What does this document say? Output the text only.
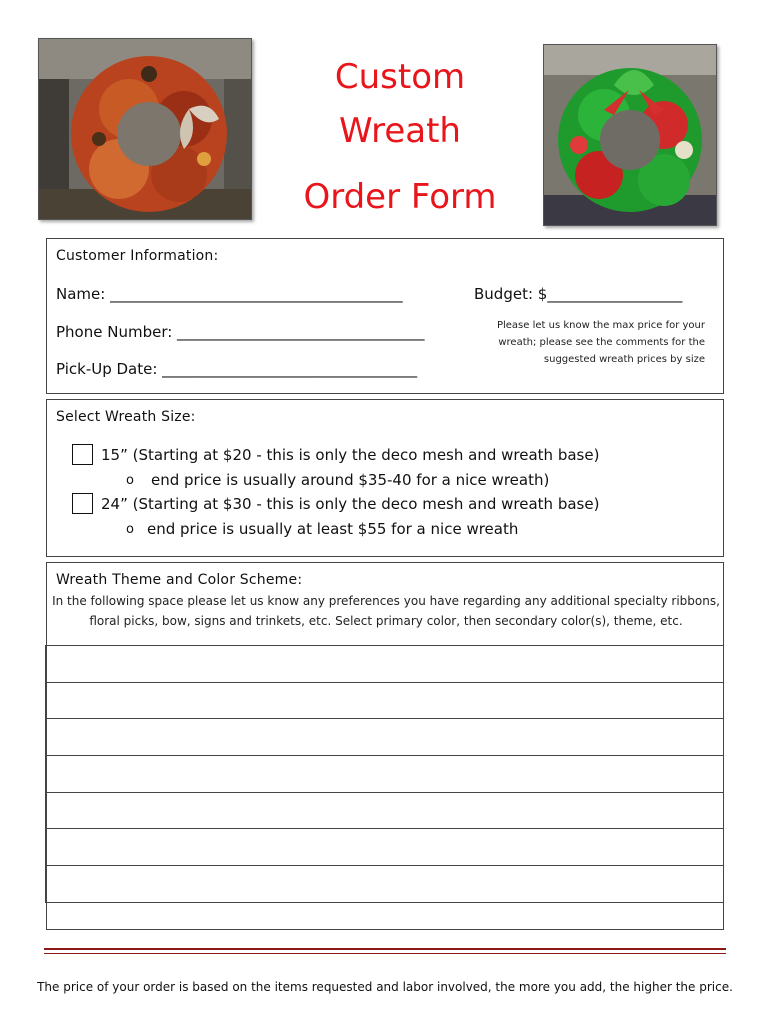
Custom
Wreath
Order Form
Customer Information:
Name: _______________________________________	Budget: $__________________
Phone Number: _________________________________
Pick-Up Date: __________________________________
Please let us know the max price for your
wreath; please see the comments for the
suggested wreath prices by size
Select Wreath Size:
15” (Starting at $20 - this is only the deco mesh and wreath base)
o end price is usually around $35-40 for a nice wreath)
24” (Starting at $30 - this is only the deco mesh and wreath base)
o end price is usually at least $55 for a nice wreath
Wreath Theme and Color Scheme:
In the following space please let us know any preferences you have regarding any additional specialty ribbons,
floral picks, bow, signs and trinkets, etc. Select primary color, then secondary color(s), theme, etc.
The price of your order is based on the items requested and labor involved, the more you add, the higher the price.
